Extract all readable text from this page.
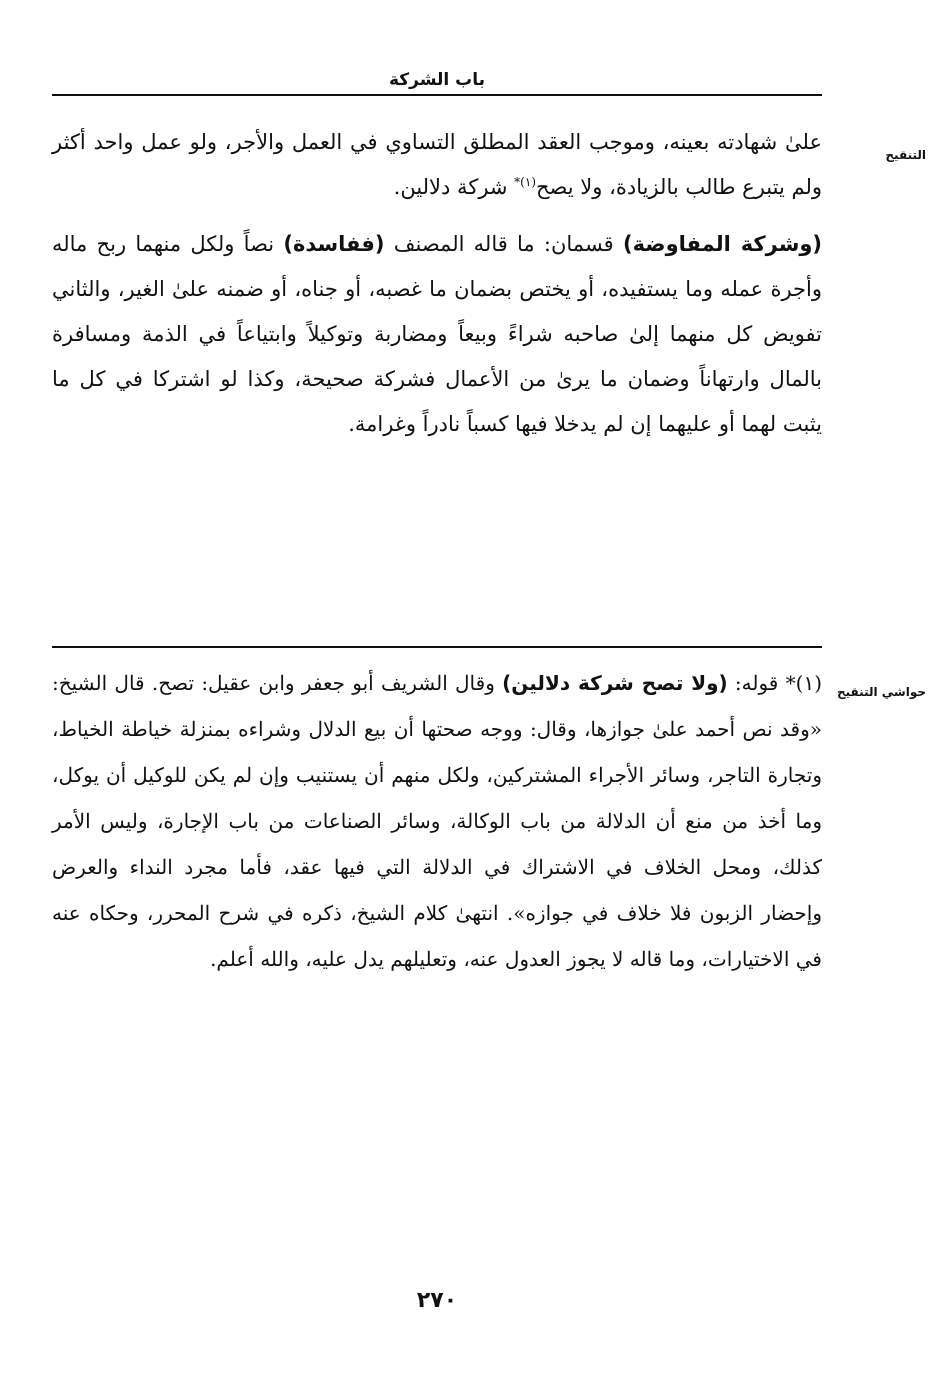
باب الشركة
التنقيح

علىٰ شهادته بعينه، وموجب العقد المطلق التساوي في العمل والأجر، ولو عمل واحد أكثر ولم يتبرع طالب بالزيادة، ولا يصح$^{(١)*}$ شركة دلالين.

(وشركة المفاوضة) قسمان: ما قاله المصنف (ففاسدة) نصاً ولكل منهما ربح ماله وأجرة عمله وما يستفيده، أو يختص بضمان ما غصبه، أو جناه، أو ضمنه علىٰ الغير، والثاني تفويض كل منهما إلىٰ صاحبه شراءً وبيعاً ومضاربة وتوكيلاً وابتياعاً في الذمة ومسافرة بالمال وارتهاناً وضمان ما يرىٰ من الأعمال فشركة صحيحة، وكذا لو اشتركا في كل ما يثبت لهما أو عليهما إن لم يدخلا فيها كسباً نادراً وغرامة.

حواشي التنقيح

(١)* قوله: (ولا تصح شركة دلالين) وقال الشريف أبو جعفر وابن عقيل: تصح. قال الشيخ: «وقد نص أحمد علىٰ جوازها، وقال: ووجه صحتها أن بيع الدلال وشراءه بمنزلة خياطة الخياط، وتجارة التاجر، وسائر الأجراء المشتركين، ولكل منهم أن يستنيب وإن لم يكن للوكيل أن يوكل، وما أخذ من منع أن الدلالة من باب الوكالة، وسائر الصناعات من باب الإجارة، وليس الأمر كذلك، ومحل الخلاف في الاشتراك في الدلالة التي فيها عقد، فأما مجرد النداء والعرض وإحضار الزبون فلا خلاف في جوازه». انتهىٰ كلام الشيخ، ذكره في شرح المحرر، وحكاه عنه في الاختيارات، وما قاله لا يجوز العدول عنه، وتعليلهم يدل عليه، والله أعلم.

٢٧٠
